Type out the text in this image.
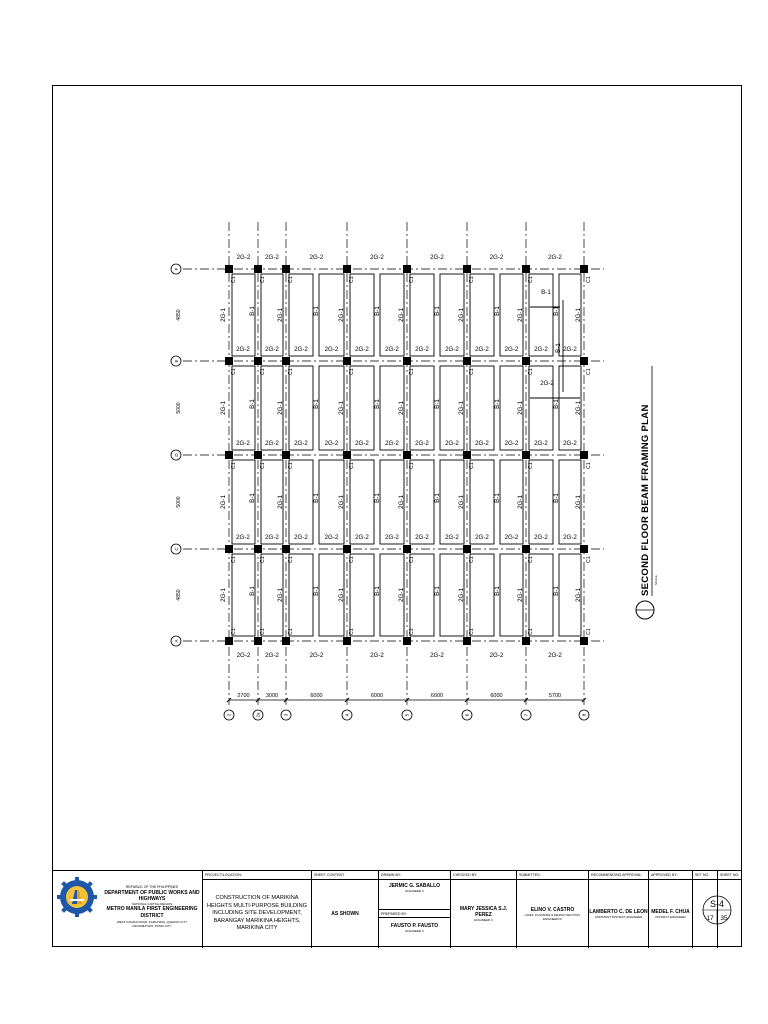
2G-2 2G-2	2G-2	2G-2	2G-2	2G-2	2G-2
2G-2	2G-2	2G-2	2G-2	2G-2	2G-2	2G-2	2G-2	2G-2 2G-2
2G-2 2G-2
2G-2	2G-2	2G-2	2G-2	2G-2	2G-2	2G-2	2G-2	2G-2 2G-2
2G-2 2G-2
2G-2	2G-2	2G-2	2G-2	2G-2	2G-2	2G-2	2G-2	2G-2 2G-2
2G-2 2G-2
2G-2 2G-2	2G-2	2G-2	2G-2	2G-2	2G-2
2G-1	2G-1	2G-1	2G-1	2G-1	2G-1	2G-1
B-1	B-1	B-1	B-1	B-1
B-1
2G-1	2G-1	2G-1	2G-1	2G-1	2G-1	2G-1
B-1	B-1	B-1	B-1	B-1
B-1
2G-1	2G-1	2G-1	2G-1	2G-1	2G-1	2G-1
B-1	B-1	B-1	B-1	B-1
B-1
2G-1	2G-1	2G-1	2G-1	2G-1	2G-1	2G-1
B-1	B-1	B-1	B-1	B-1
B-1
B-1
B-1
2G-2
C1	C1	C1	C1	C1	C1	C1	C1
C1	C1	C1	C1	C1	C1	C1	C1
C1	C1	C1	C1	C1	C1	C1	C1
C1	C1	C1	C1	C1	C1	C1	C1
C1	C1	C1	C1	C1	C1	C1	C1
F
E
D
C
A
4850
5000
5000
4850
2	2a	3	4	5	6	7	8
2700	3000	6000	6000	6000	6000	5700
SECOND FLOOR BEAM FRAMING PLAN SCALE
REPUBLIC OF THE PHILIPPINES
DEPARTMENT OF PUBLIC WORKS AND HIGHWAYS
NATIONAL CAPITAL REGION
METRO MANILA FIRST ENGINEERING DISTRICT
WEST KAMIAS ROAD, KAMUNING, QUEZON CITY
INFORMATION: PASIG CITY
PROJECT/LOCATION:
CONSTRUCTION OF MARIKINA HEIGHTS MULTI-PURPOSE BUILDING INCLUDING SITE DEVELOPMENT, BARANGAY MARIKINA HEIGHTS, MARIKINA CITY
SHEET CONTENT
AS SHOWN
DRAWN BY:
JERMIC G. SABALLO
ENGINEER II
PREPARED BY:
FAUSTO P. FAUSTO
ENGINEER II
CHECKED BY:
MARY JESSICA S.J. PEREZ
ENGINEER II
SUBMITTED:
ELINO V. CASTRO
CHIEF, PLANNING & DESIGN SECTION, ENGINEER III
RECOMMENDING APPROVAL:
LAMBERTO C. DE LEON
ASSISTANT DISTRICT ENGINEER
APPROVED BY:
MEDEL F. CHUA
DISTRICT ENGINEER
SET NO.	SHEET NO.
S-4
17 35
